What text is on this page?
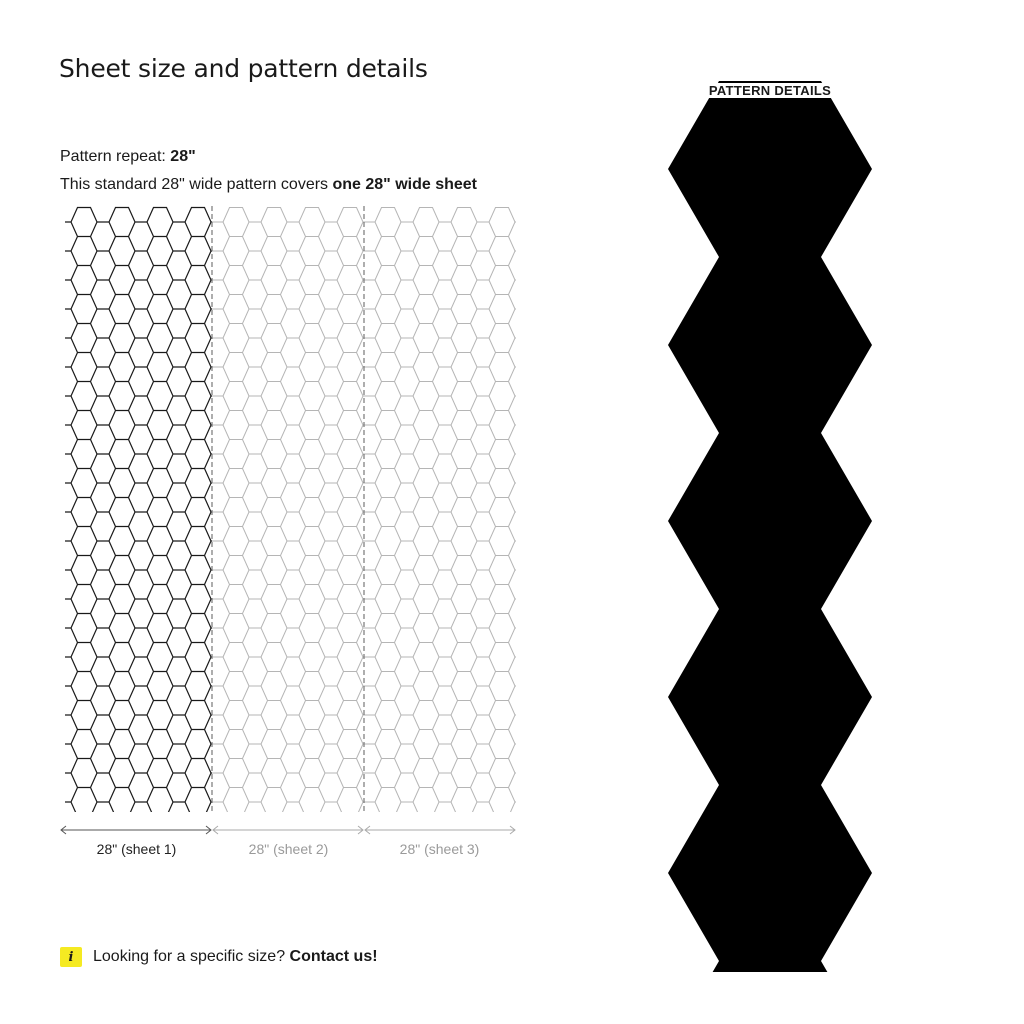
Sheet size and pattern details
Pattern repeat: 28"
This standard 28" wide pattern covers one 28" wide sheet
28" (sheet 1)	28" (sheet 2)	28" (sheet 3)
PATTERN DETAILS
i	Looking for a specific size? Contact us!
